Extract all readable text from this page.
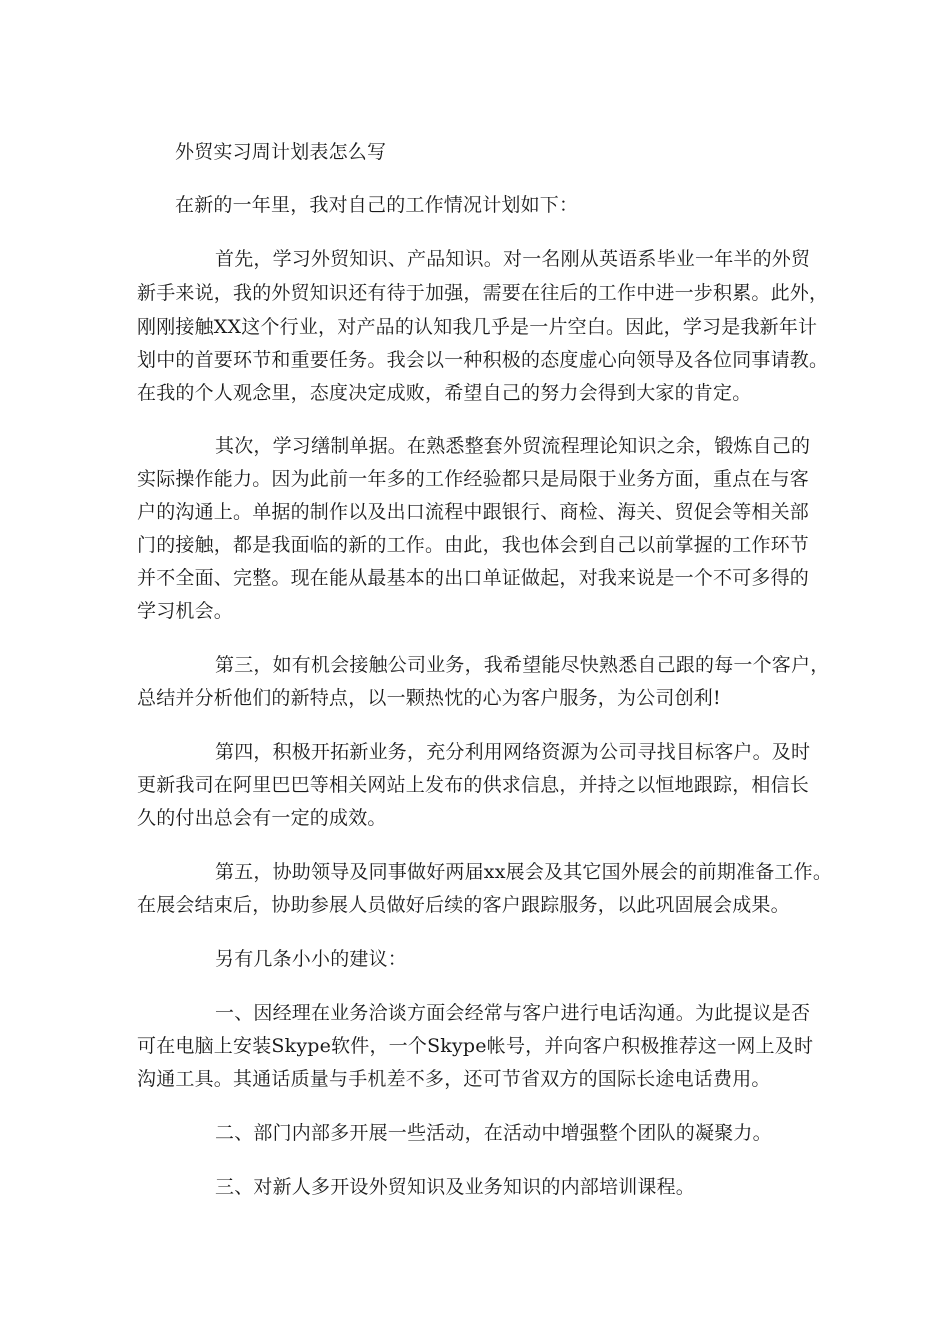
外贸实习周计划表怎么写
在新的一年里，我对自己的工作情况计划如下：
首先，学习外贸知识、产品知识。对一名刚从英语系毕业一年半的外贸
新手来说，我的外贸知识还有待于加强，需要在往后的工作中进一步积累。此外，
刚刚接触XX这个行业，对产品的认知我几乎是一片空白。因此，学习是我新年计
划中的首要环节和重要任务。我会以一种积极的态度虚心向领导及各位同事请教。
在我的个人观念里，态度决定成败，希望自己的努力会得到大家的肯定。
其次，学习缮制单据。在熟悉整套外贸流程理论知识之余，锻炼自己的
实际操作能力。因为此前一年多的工作经验都只是局限于业务方面，重点在与客
户的沟通上。单据的制作以及出口流程中跟银行、商检、海关、贸促会等相关部
门的接触，都是我面临的新的工作。由此，我也体会到自己以前掌握的工作环节
并不全面、完整。现在能从最基本的出口单证做起，对我来说是一个不可多得的
学习机会。
第三，如有机会接触公司业务，我希望能尽快熟悉自己跟的每一个客户，
总结并分析他们的新特点，以一颗热忱的心为客户服务，为公司创利!
第四，积极开拓新业务，充分利用网络资源为公司寻找目标客户。及时
更新我司在阿里巴巴等相关网站上发布的供求信息，并持之以恒地跟踪，相信长
久的付出总会有一定的成效。
第五，协助领导及同事做好两届xx展会及其它国外展会的前期准备工作。
在展会结束后，协助参展人员做好后续的客户跟踪服务，以此巩固展会成果。
另有几条小小的建议：
一、因经理在业务洽谈方面会经常与客户进行电话沟通。为此提议是否
可在电脑上安装Skype软件，一个Skype帐号，并向客户积极推荐这一网上及时
沟通工具。其通话质量与手机差不多，还可节省双方的国际长途电话费用。
二、部门内部多开展一些活动，在活动中增强整个团队的凝聚力。
三、对新人多开设外贸知识及业务知识的内部培训课程。
